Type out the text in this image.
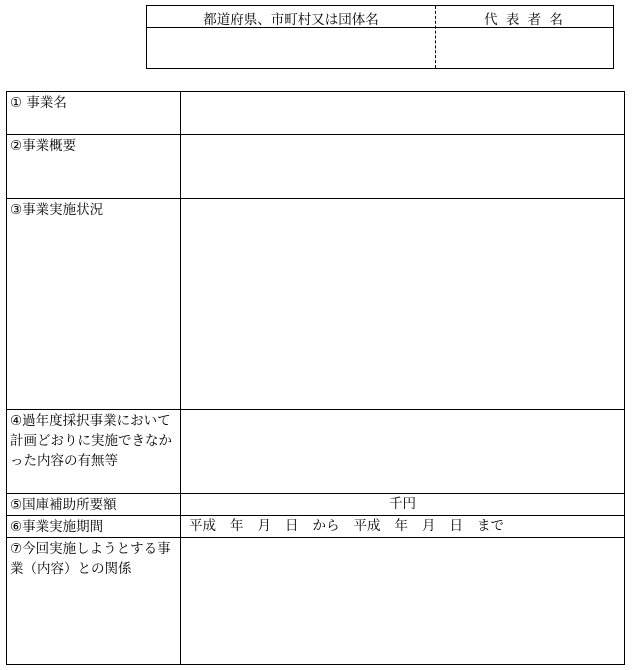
都道府県、市町村又は団体名	代 表 者 名
① 事業名
②事業概要
③事業実施状況
④過年度採択事業において計画どおりに実施できなかった内容の有無等
⑤国庫補助所要額	千円
⑥事業実施期間	平成 年 月 日 から 平成 年 月 日 まで
⑦今回実施しようとする事業（内容）との関係
